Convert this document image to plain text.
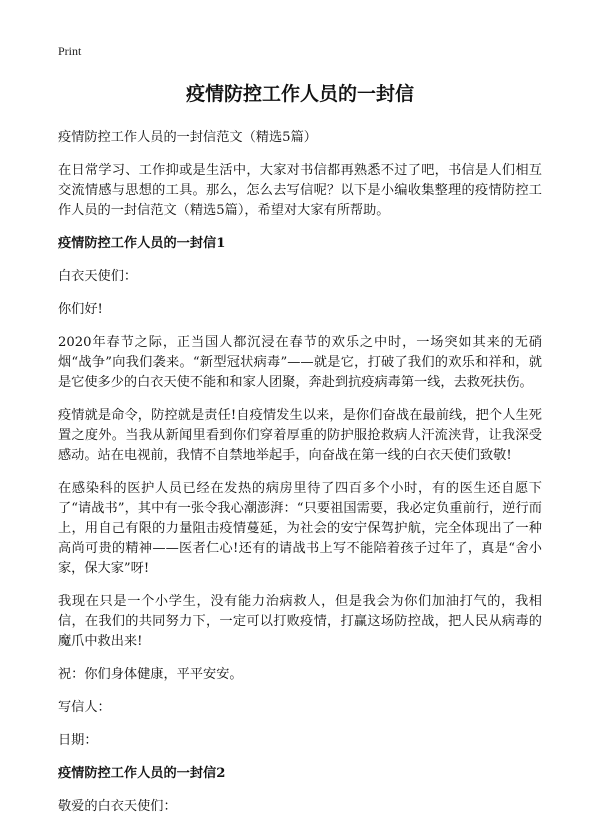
Print
疫情防控工作人员的一封信

疫情防控工作人员的一封信范文（精选5篇）

在日常学习、工作抑或是生活中，大家对书信都再熟悉不过了吧，书信是人们相互交流情感与思想的工具。那么，怎么去写信呢？以下是小编收集整理的疫情防控工作人员的一封信范文（精选5篇），希望对大家有所帮助。

疫情防控工作人员的一封信1

白衣天使们：

你们好!

2020年春节之际，正当国人都沉浸在春节的欢乐之中时，一场突如其来的无硝烟“战争”向我们袭来。“新型冠状病毒”——就是它，打破了我们的欢乐和祥和，就是它使多少的白衣天使不能和和家人团聚，奔赴到抗疫病毒第一线，去救死扶伤。

疫情就是命令，防控就是责任!自疫情发生以来，是你们奋战在最前线，把个人生死置之度外。当我从新闻里看到你们穿着厚重的防护服抢救病人汗流浃背，让我深受感动。站在电视前，我情不自禁地举起手，向奋战在第一线的白衣天使们致敬!

在感染科的医护人员已经在发热的病房里待了四百多个小时，有的医生还自愿下了“请战书”，其中有一张令我心潮澎湃：“只要祖国需要，我必定负重前行，逆行而上，用自己有限的力量阻击疫情蔓延，为社会的安宁保驾护航，完全体现出了一种高尚可贵的精神——医者仁心!还有的请战书上写不能陪着孩子过年了，真是“舍小家，保大家”呀!

我现在只是一个小学生，没有能力治病救人，但是我会为你们加油打气的，我相信，在我们的共同努力下，一定可以打败疫情，打赢这场防控战，把人民从病毒的魔爪中救出来!

祝：你们身体健康，平平安安。

写信人：

日期：

疫情防控工作人员的一封信2

敬爱的白衣天使们：
